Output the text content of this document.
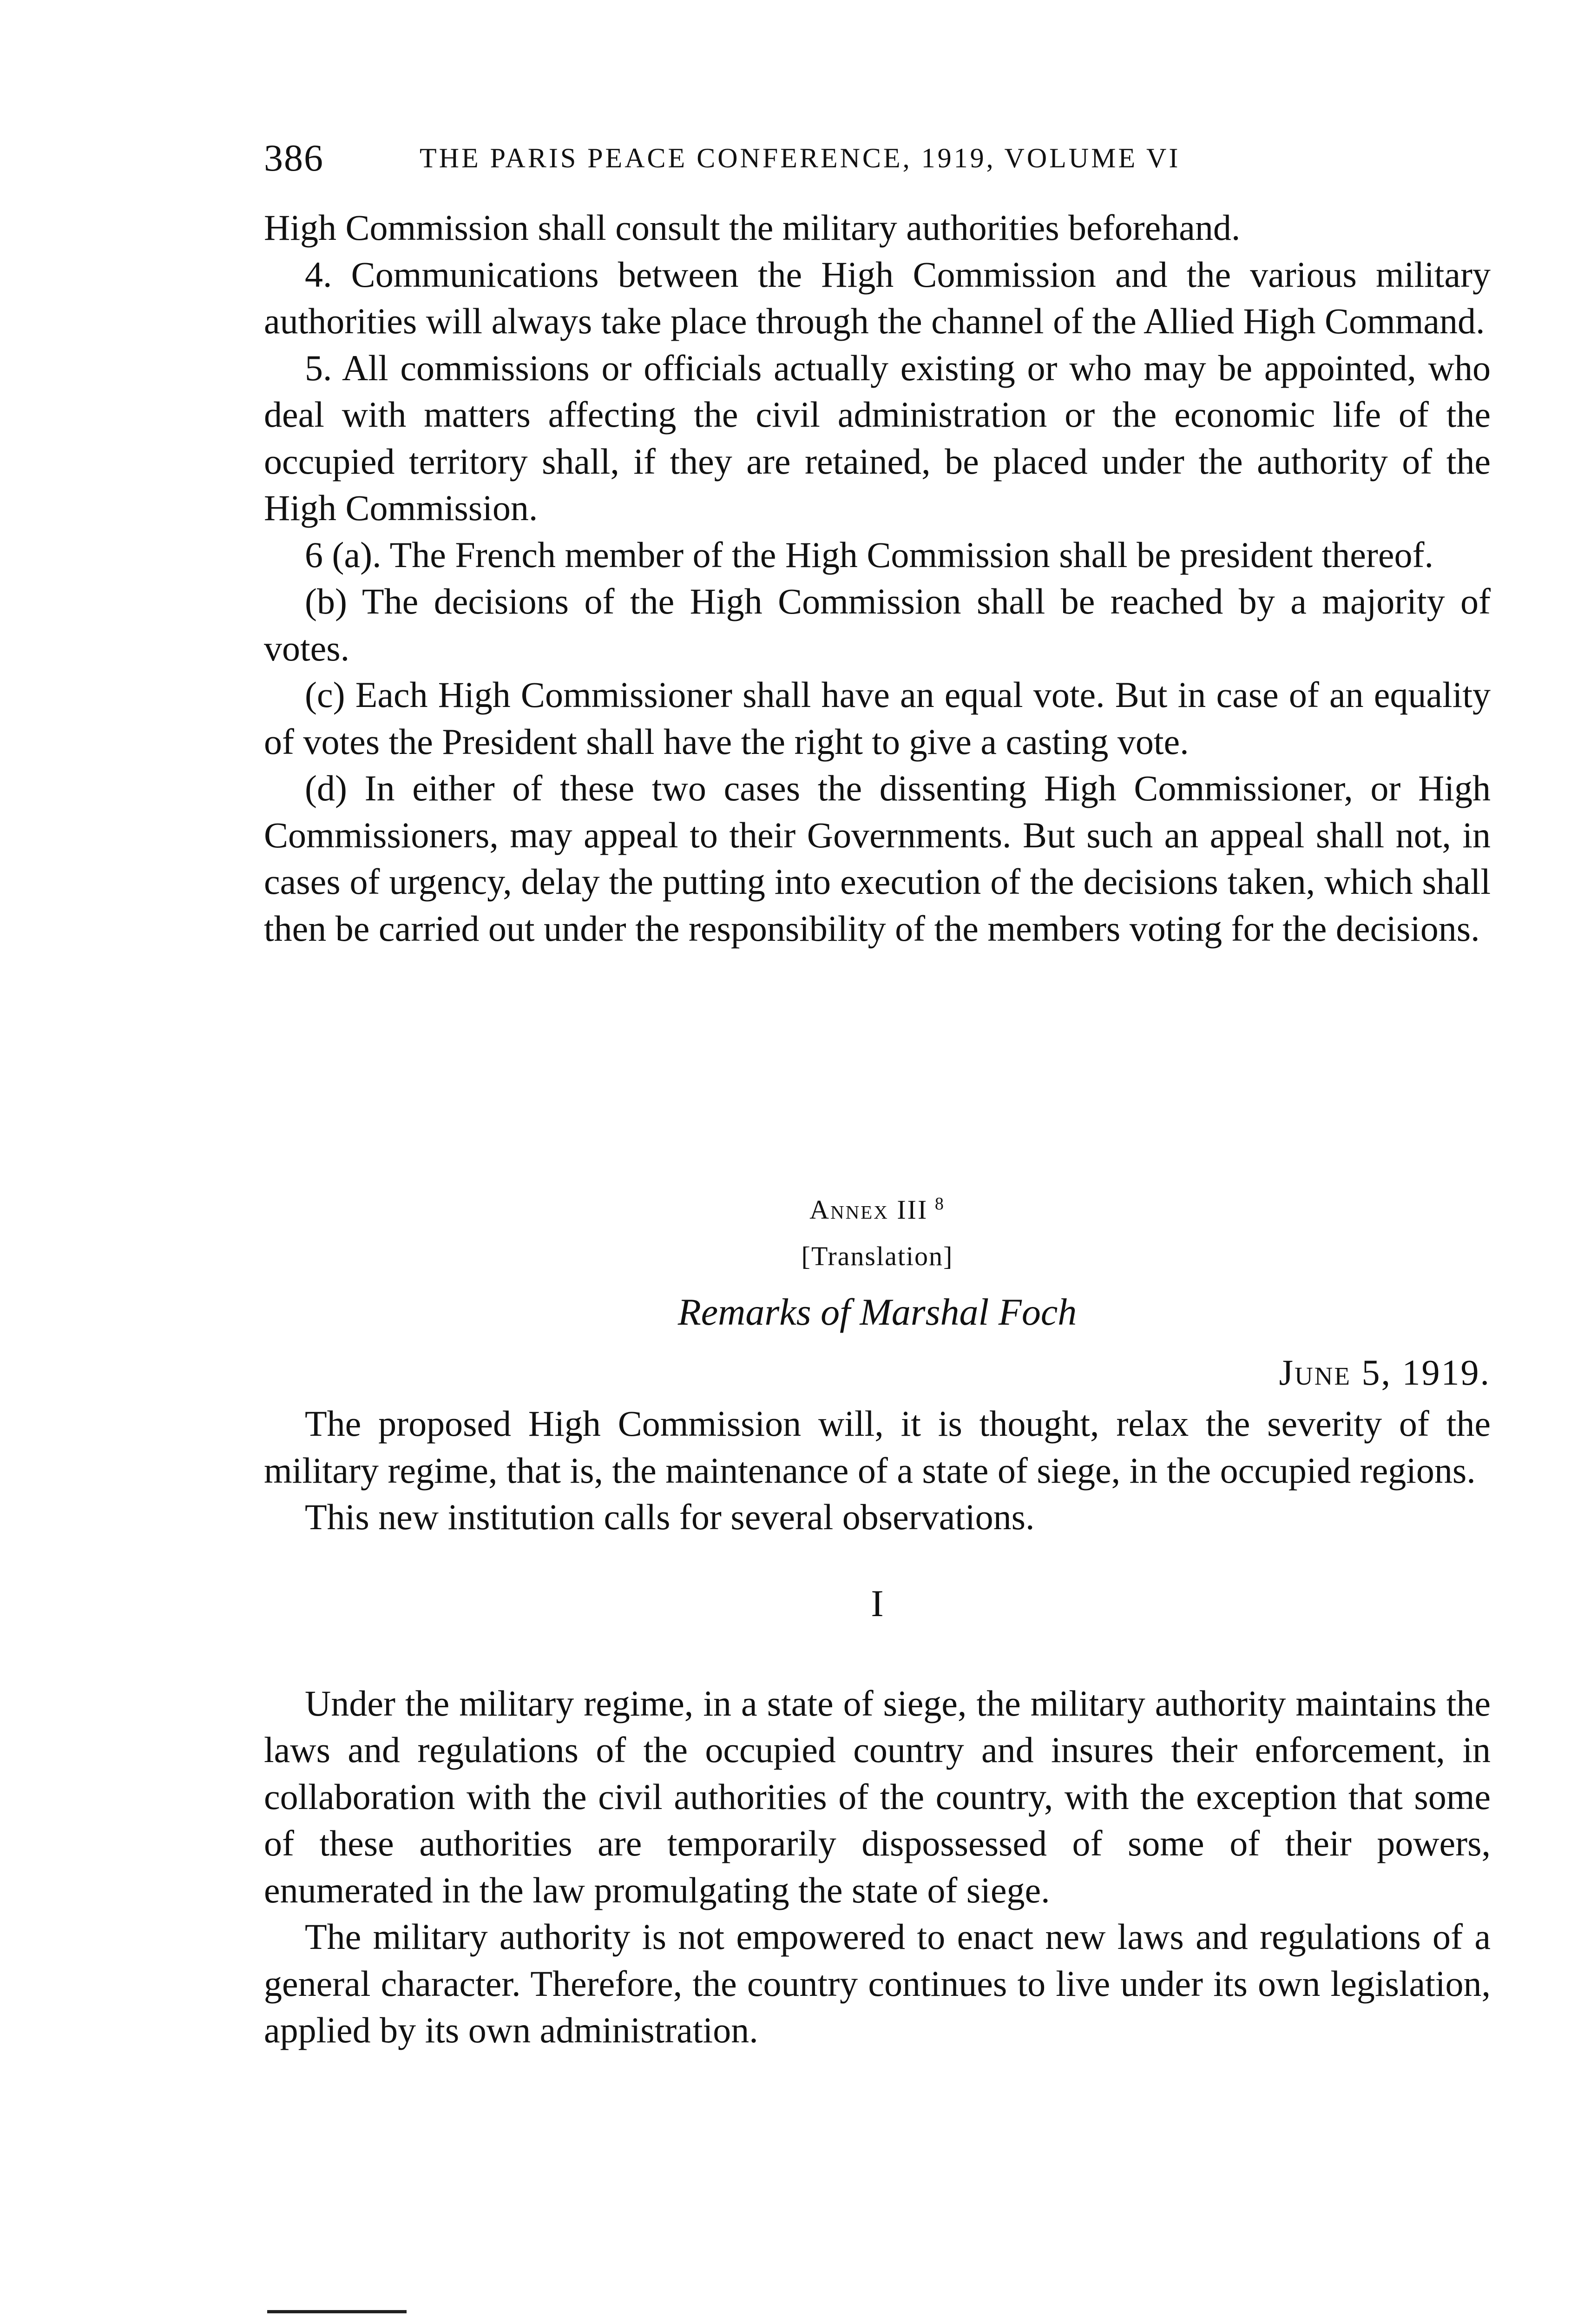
386	THE PARIS PEACE CONFERENCE, 1919, VOLUME VI

High Commission shall consult the military authorities beforehand.

4. Communications between the High Commission and the various military authorities will always take place through the channel of the Allied High Command.

5. All commissions or officials actually existing or who may be appointed, who deal with matters affecting the civil administration or the economic life of the occupied territory shall, if they are retained, be placed under the authority of the High Commission.

6 (a). The French member of the High Commission shall be president thereof.

(b) The decisions of the High Commission shall be reached by a majority of votes.

(c) Each High Commissioner shall have an equal vote. But in case of an equality of votes the President shall have the right to give a casting vote.

(d) In either of these two cases the dissenting High Commissioner, or High Commissioners, may appeal to their Governments. But such an appeal shall not, in cases of urgency, delay the putting into execution of the decisions taken, which shall then be carried out under the responsibility of the members voting for the decisions.

Annex III  $^8$
[Translation]
Remarks of Marshal Foch
June 5, 1919.

The proposed High Commission will, it is thought, relax the severity of the military regime, that is, the maintenance of a state of siege, in the occupied regions.

This new institution calls for several observations.

I

Under the military regime, in a state of siege, the military authority maintains the laws and regulations of the occupied country and insures their enforcement, in collaboration with the civil authorities of the country, with the exception that some of these authorities are temporarily dispossessed of some of their powers, enumerated in the law promulgating the state of siege.

The military authority is not empowered to enact new laws and regulations of a general character. Therefore, the country continues to live under its own legislation, applied by its own administration.
